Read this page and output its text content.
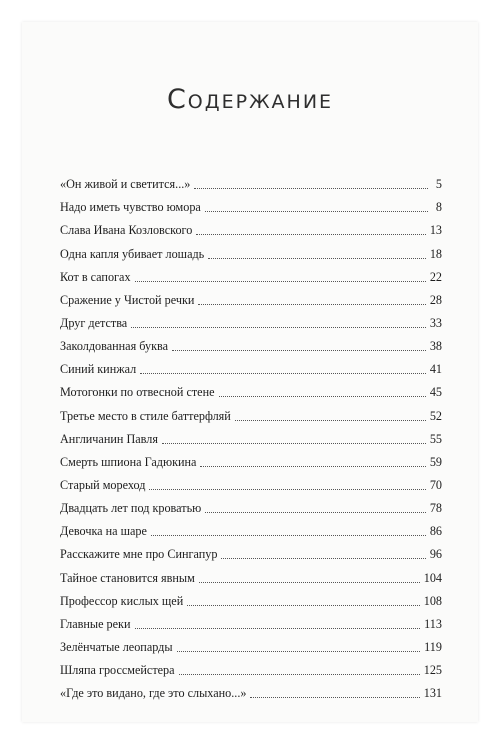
Содержание
«Он живой и светится...»	5
Надо иметь чувство юмора	8
Слава Ивана Козловского	13
Одна капля убивает лошадь	18
Кот в сапогах	22
Сражение у Чистой речки	28
Друг детства	33
Заколдованная буква	38
Синий кинжал	41
Мотогонки по отвесной стене	45
Третье место в стиле баттерфляй	52
Англичанин Павля	55
Смерть шпиона Гадюкина	59
Старый мореход	70
Двадцать лет под кроватью	78
Девочка на шаре	86
Расскажите мне про Сингапур	96
Тайное становится явным	104
Профессор кислых щей	108
Главные реки	113
Зелёнчатые леопарды	119
Шляпа гроссмейстера	125
«Где это видано, где это слыхано...»	131
